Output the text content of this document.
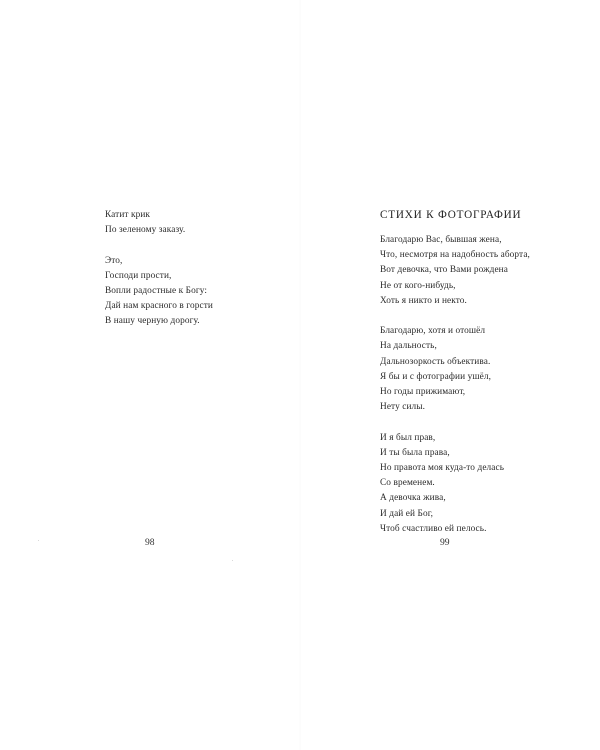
Катит крик
По зеленому заказу.
Это,
Господи прости,
Вопли радостные к Богу:
Дай нам красного в горсти
В нашу черную дорогу.
98
СТИХИ К ФОТОГРАФИИ
Благодарю Вас, бывшая жена,
Что, несмотря на надобность аборта,
Вот девочка, что Вами рождена
Не от кого-нибудь,
Хоть я никто и некто.
Благодарю, хотя и отошёл
На дальность,
Дальнозоркость объектива.
Я бы и с фотографии ушёл,
Но годы прижимают,
Нету силы.
И я был прав,
И ты была права,
Но правота моя куда-то делась
Со временем.
А девочка жива,
И дай ей Бог,
Чтоб счастливо ей пелось.
99
